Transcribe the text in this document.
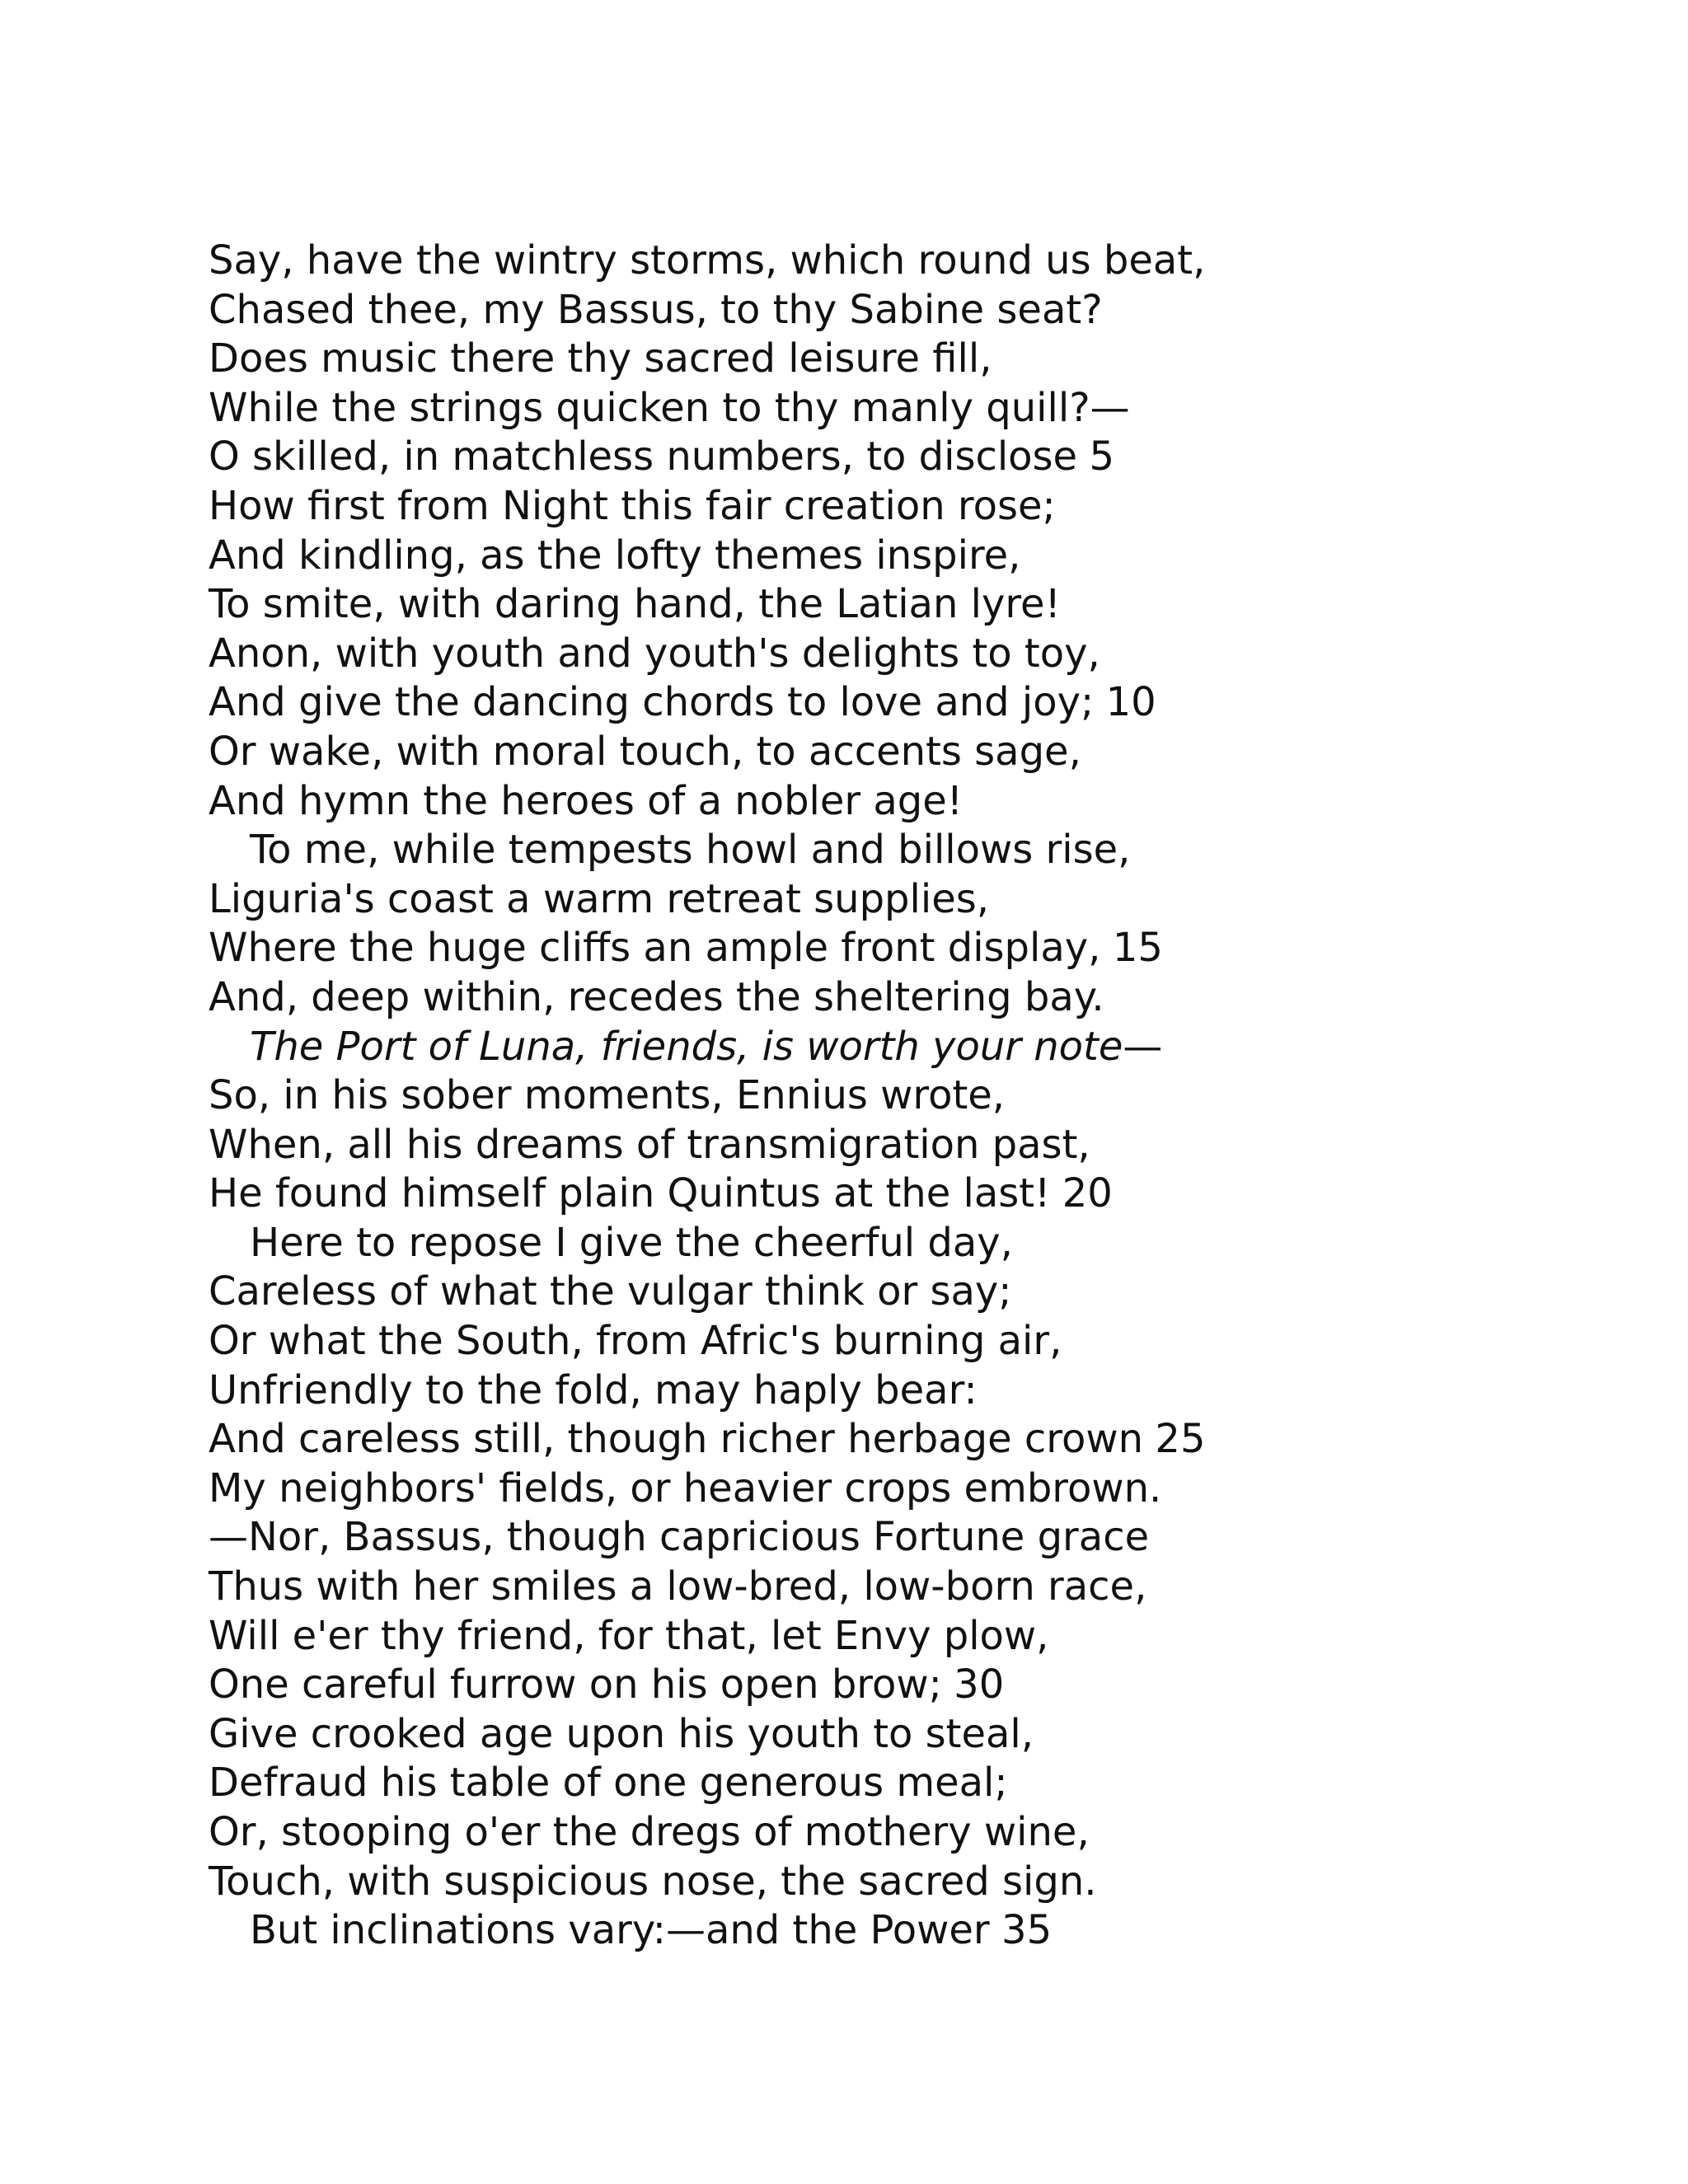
Say, have the wintry storms, which round us beat,
Chased thee, my Bassus, to thy Sabine seat?
Does music there thy sacred leisure fill,
While the strings quicken to thy manly quill?—
O skilled, in matchless numbers, to disclose 5
How first from Night this fair creation rose;
And kindling, as the lofty themes inspire,
To smite, with daring hand, the Latian lyre!
Anon, with youth and youth's delights to toy,
And give the dancing chords to love and joy; 10
Or wake, with moral touch, to accents sage,
And hymn the heroes of a nobler age!
To me, while tempests howl and billows rise,
Liguria's coast a warm retreat supplies,
Where the huge cliffs an ample front display, 15
And, deep within, recedes the sheltering bay.
The Port of Luna, friends, is worth your note—
So, in his sober moments, Ennius wrote,
When, all his dreams of transmigration past,
He found himself plain Quintus at the last! 20
Here to repose I give the cheerful day,
Careless of what the vulgar think or say;
Or what the South, from Afric's burning air,
Unfriendly to the fold, may haply bear:
And careless still, though richer herbage crown 25
My neighbors' fields, or heavier crops embrown.
—Nor, Bassus, though capricious Fortune grace
Thus with her smiles a low-bred, low-born race,
Will e'er thy friend, for that, let Envy plow,
One careful furrow on his open brow; 30
Give crooked age upon his youth to steal,
Defraud his table of one generous meal;
Or, stooping o'er the dregs of mothery wine,
Touch, with suspicious nose, the sacred sign.
But inclinations vary:—and the Power 35
